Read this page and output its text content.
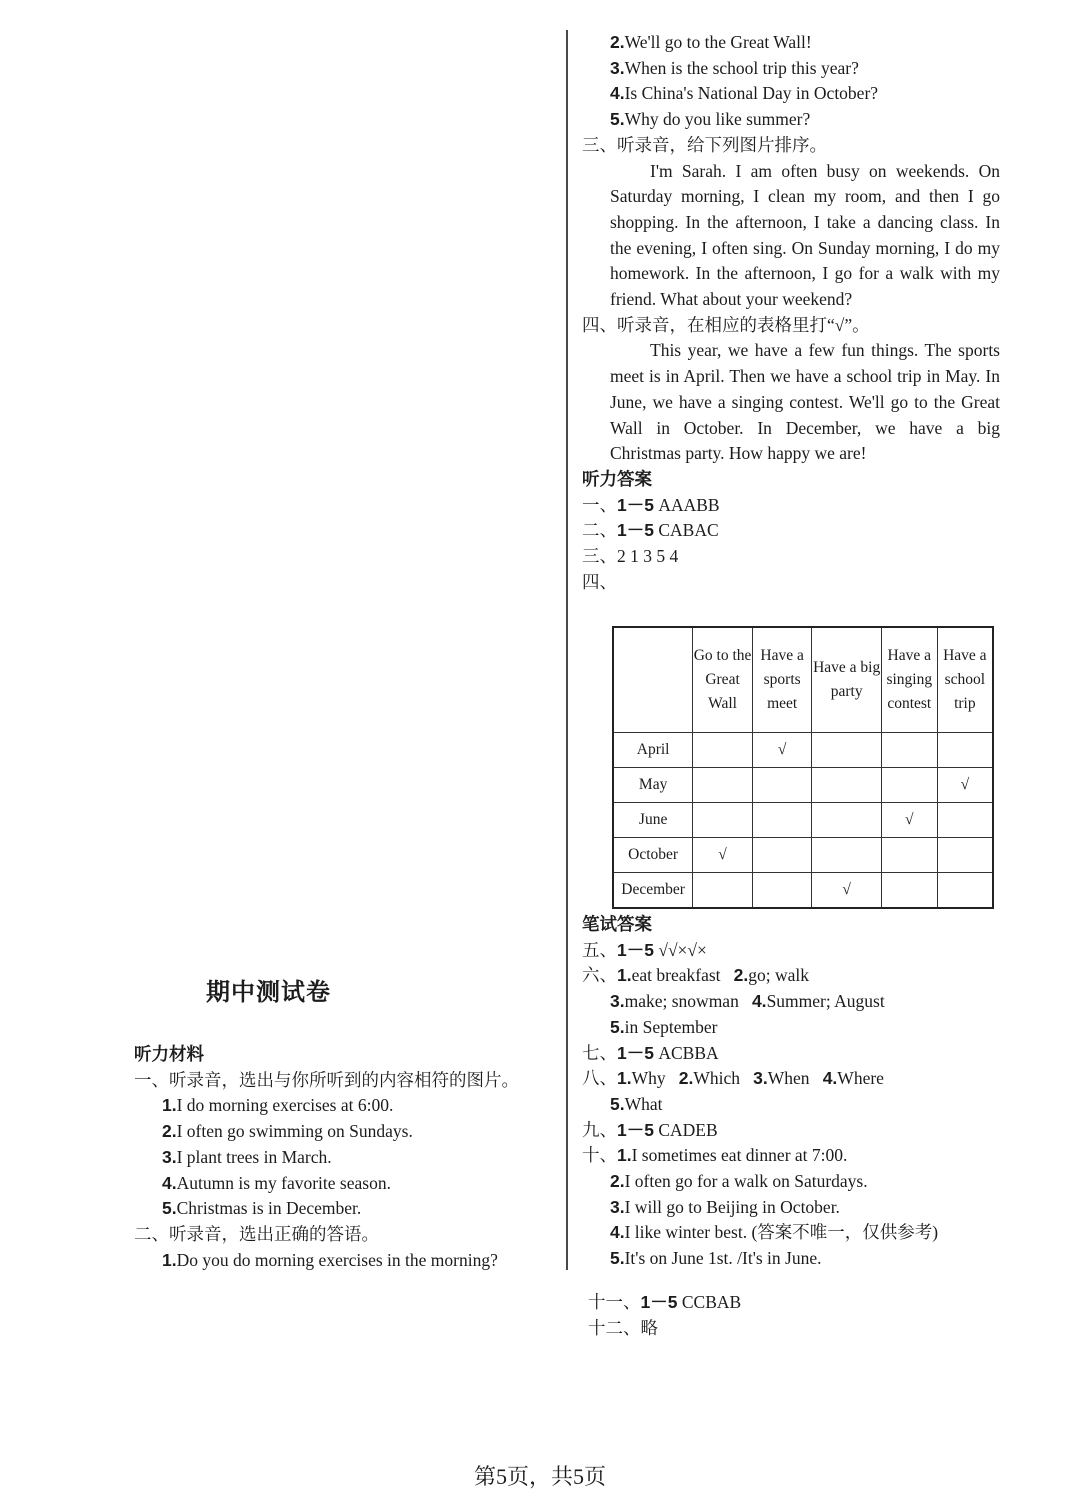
期中测试卷
听力材料
一、听录音，选出与你所听到的内容相符的图片。
1.I do morning exercises at 6:00.
2.I often go swimming on Sundays.
3.I plant trees in March.
4.Autumn is my favorite season.
5.Christmas is in December.
二、听录音，选出正确的答语。
1.Do you do morning exercises in the morning?
2.We'll go to the Great Wall!
3.When is the school trip this year?
4.Is China's National Day in October?
5.Why do you like summer?
三、听录音，给下列图片排序。
I'm Sarah. I am often busy on weekends. On Saturday morning, I clean my room, and then I go shopping. In the afternoon, I take a dancing class. In the evening, I often sing. On Sunday morning, I do my homework. In the afternoon, I go for a walk with my friend. What about your weekend?
四、听录音，在相应的表格里打“√”。
This year, we have a few fun things. The sports meet is in April. Then we have a school trip in May. In June, we have a singing contest. We'll go to the Great Wall in October. In December, we have a big Christmas party. How happy we are!
听力答案
一、1－5 AAABB
二、1－5 CABAC
三、2 1 3 5 4
四、
	Go to the Great Wall	Have a sports meet	Have a big party	Have a singing contest	Have a school trip
April		√			
May					√
June				√	
October	√				
December			√		
笔试答案
五、1－5 √√×√×
六、1.eat breakfast 2.go; walk
3.make; snowman 4.Summer; August
5.in September
七、1－5 ACBBA
八、1.Why 2.Which 3.When 4.Where
5.What
九、1－5 CADEB
十、1.I sometimes eat dinner at 7:00.
2.I often go for a walk on Saturdays.
3.I will go to Beijing in October.
4.I like winter best. (答案不唯一，仅供参考)
5.It's on June 1st. /It's in June.
十一、1－5 CCBAB
十二、略
第5页，共5页
